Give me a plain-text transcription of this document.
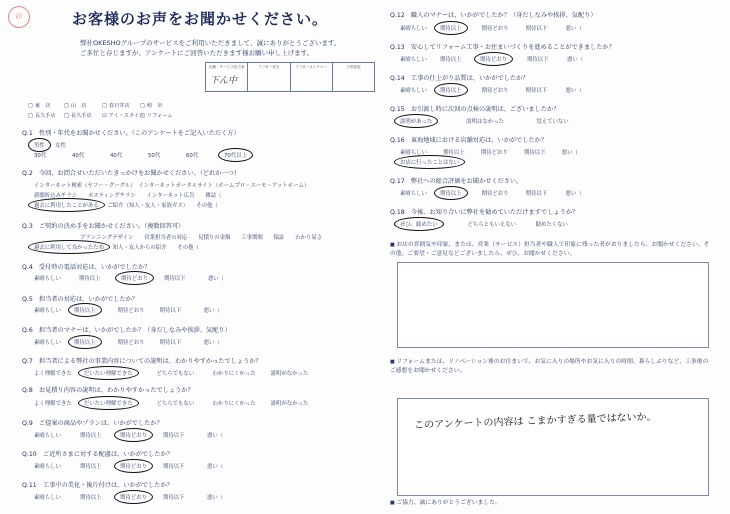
印	お客様のお声をお聞かせください。
弊社OKESHOグループのサービスをご利用いただきまして、誠にありがとうございます。
ご多忙と存じますが、アンケートにご回答いただきます様お願い申し上げます。
店舗・サービス担当者
下ん中
アフター担当	アフターネイチャー	子供部屋
□ 東　店	□ 山　店	□ 春日井店	□ 岐　阜
□ 長久手店	□ 長久手店	☑ アイ・スタイル □ リフォーム
Q.1　性別・年代をお聞かせください。（このアンケートをご記入いただく方）
男性 女性
30代	40代	40代	50代	60代	70代以上
Q.2　今回、お問合せいただいたきっかけをお聞かせください。（どれか一つ）
インターネット検索（ヤフー・グーグル）　インターネットポータルサイト（ホームプロ・スーモ・アットホーム）
新聞折込みチラシ　　ポスティングチラシ　　インターネット広告　　雑誌（
過去に利用したことがある ご紹介（知人・友人・家族ガス）　　その他（
Q.3　ご契約の決め手をお聞かせください。（複数回答可）
プランニングデザイン　　営業担当者の対応　　見積りの金額　　工事期間　　保証　　わかり易さ
過去に利用して良かったため 知人・友人からの紹介　　その他（
Q.4　受付時の電話対応は、いかがでしたか？
素晴らしい	期待以上	期待どおり	期待以下	悪い（
Q.5　担当者の対応は、いかがでしたか？
素晴らしい 期待以上	期待どおり	期待以下	悪い（
Q.6　担当者のマナーは、いかがでしたか？（身だしなみや挨拶、気配り）
素晴らしい 期待以上	期待どおり	期待以下	悪い（
Q.7　担当者による弊社の事業内容についての説明は、わかりやすかったでしょうか？
よく理解できた だいたい理解できた	どちらでもない	わかりにくかった	説明がなかった
Q.8　お見積り内容の説明は、わかりやすかったでしょうか？
よく理解できた だいたい理解できた	どちらでもない	わかりにくかった	説明がなかった
Q.9　ご提案の商品やプランは、いかがでしたか？
素晴らしい	期待以上	期待どおり	期待以下	悪い（
Q.10　ご近所さまに対する配慮は、いかがでしたか？
素晴らしい	期待以上	期待どおり	期待以下	悪い（
Q.11　工事中の美化・後片付けは、いかがでしたか？
素晴らしい	期待以上	期待どおり	期待以下	悪い（
Q.12　職人のマナーは、いかがでしたか？（身だしなみや挨拶、気配り）
素晴らしい 期待以上	期待どおり	期待以下	悪い（
Q.13　安心してリフォーム工事・お住まいづくりを進めることができましたか？
素晴らしい 期待以上	期待どおり	期待以下	悪い（
Q.14　工事の仕上がり品質は、いかがでしたか？
素晴らしい 期待以上	期待どおり	期待以下	悪い（
Q.15　お引渡し時に次回の点検の説明は、ございましたか？
説明があった	説明はなかった	覚えていない
Q.16　東海地域における店舗対応は、いかがでしたか？
素晴らしい　　　期待以上　　　期待どおり　　　期待以下　　　悪い（
お店に行ったことはない
Q.17　弊社への総合評価をお聞かせください。
素晴らしい 期待以上	期待どおり	期待以下	悪い（
Q.18　今後、お知り合いに弊社を勧めていただけますでしょうか？
ぜひ、勧めたい	どちらともいえない	勧めたくない
■ お店の雰囲気や印象、または、営業（サービス）担当者や職人で印象に残った者がおりましたら、お聞かせください。その他、ご要望・ご意見などございましたら、ぜひ、お聞かせください。
■ リフォームまたは、リノベーション後のお住まいで、お気に入りの場所やお気に入りの時間、暮らしぶりなど、工事後のご感想をお聞かせください。
このアンケートの内容は こまかすぎる量ではないか。
■ ご協力、誠にありがとうございました。
